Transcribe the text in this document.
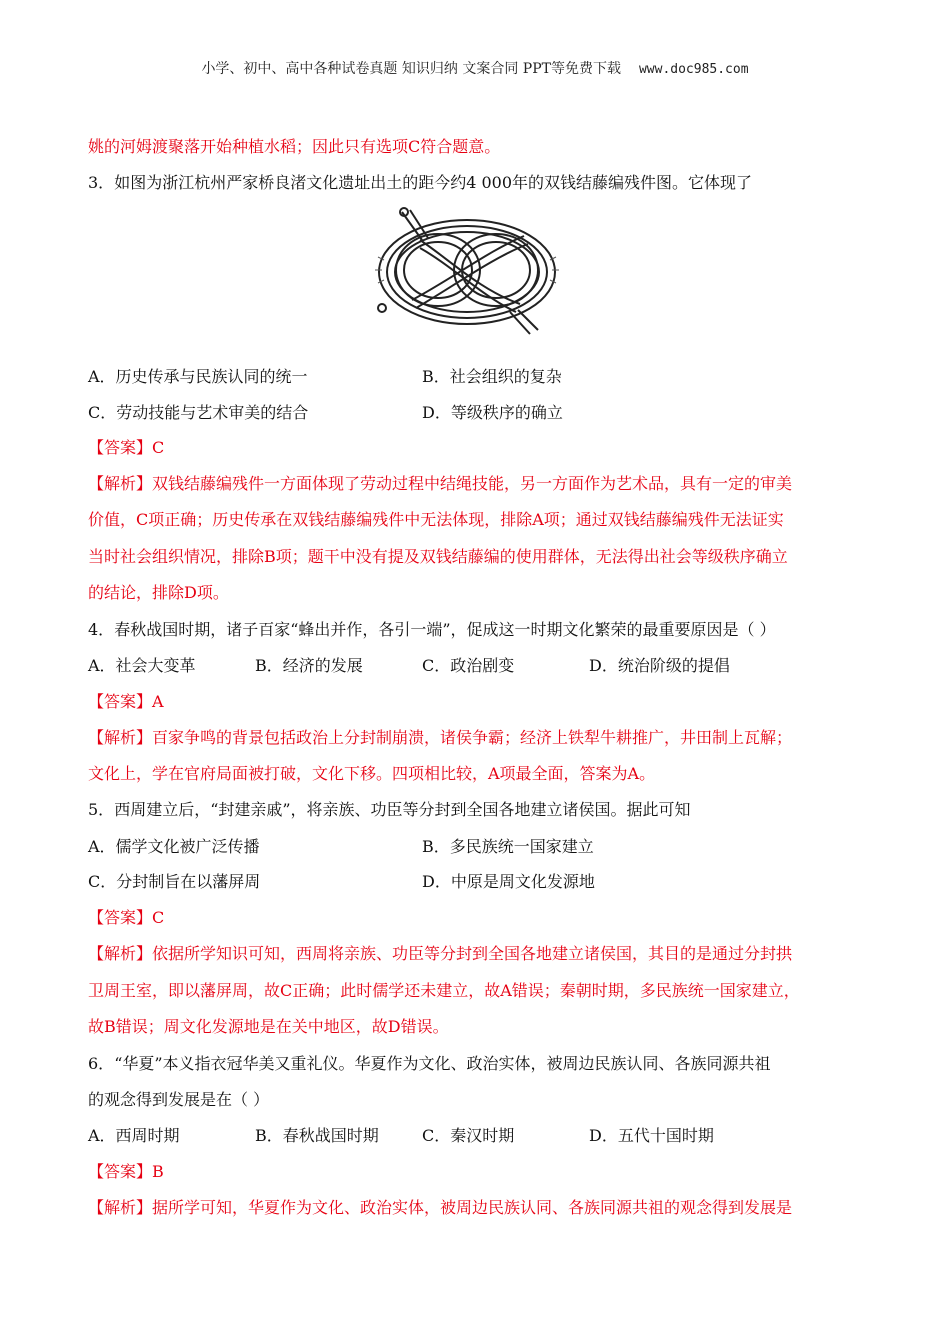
小学、初中、高中各种试卷真题 知识归纳 文案合同 PPT等免费下载 www.doc985.com
姚的河姆渡聚落开始种植水稻；因此只有选项C符合题意。
3．如图为浙江杭州严家桥良渚文化遗址出土的距今约4 000年的双钱结藤编残件图。它体现了
A．历史传承与民族认同的统一	B．社会组织的复杂
C．劳动技能与艺术审美的结合	D．等级秩序的确立
【答案】C
【解析】双钱结藤编残件一方面体现了劳动过程中结绳技能，另一方面作为艺术品，具有一定的审美
价值，C项正确；历史传承在双钱结藤编残件中无法体现，排除A项；通过双钱结藤编残件无法证实
当时社会组织情况，排除B项；题干中没有提及双钱结藤编的使用群体，无法得出社会等级秩序确立
的结论，排除D项。
4．春秋战国时期，诸子百家“蜂出并作，各引一端”，促成这一时期文化繁荣的最重要原因是（ ）
A．社会大变革	B．经济的发展	C．政治剧变	D．统治阶级的提倡
【答案】A
【解析】百家争鸣的背景包括政治上分封制崩溃，诸侯争霸；经济上铁犁牛耕推广，井田制上瓦解；
文化上，学在官府局面被打破，文化下移。四项相比较，A项最全面，答案为A。
5．西周建立后，“封建亲戚”，将亲族、功臣等分封到全国各地建立诸侯国。据此可知
A．儒学文化被广泛传播	B．多民族统一国家建立
C．分封制旨在以藩屏周	D．中原是周文化发源地
【答案】C
【解析】依据所学知识可知，西周将亲族、功臣等分封到全国各地建立诸侯国，其目的是通过分封拱
卫周王室，即以藩屏周，故C正确；此时儒学还未建立，故A错误；秦朝时期，多民族统一国家建立，
故B错误；周文化发源地是在关中地区，故D错误。
6．“华夏”本义指衣冠华美又重礼仪。华夏作为文化、政治实体，被周边民族认同、各族同源共祖
的观念得到发展是在（ ）
A．西周时期	B．春秋战国时期	C．秦汉时期	D．五代十国时期
【答案】B
【解析】据所学可知，华夏作为文化、政治实体，被周边民族认同、各族同源共祖的观念得到发展是
